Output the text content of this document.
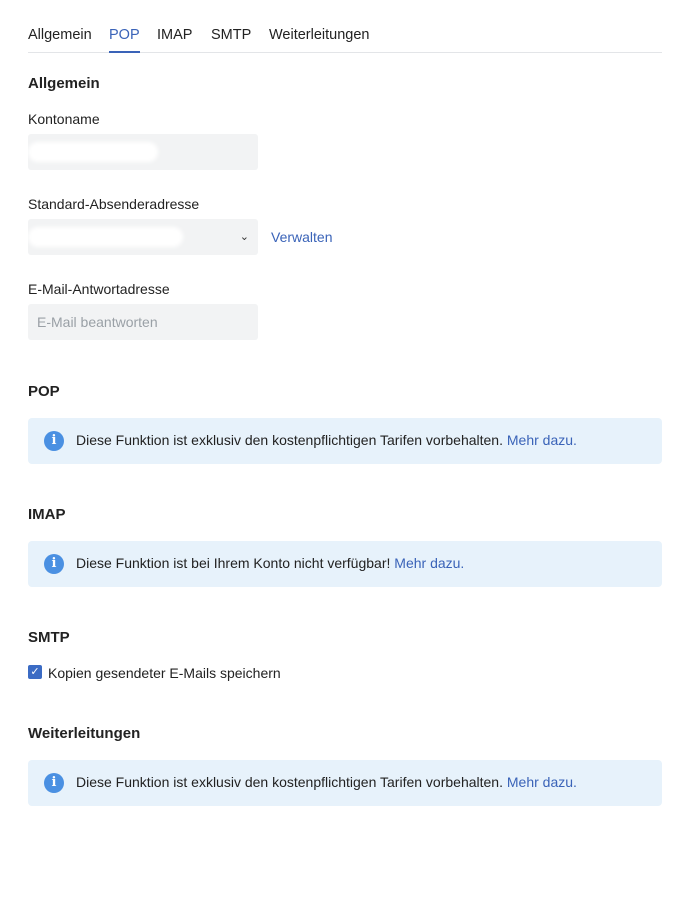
Allgemein POP IMAP SMTP Weiterleitungen
Allgemein
Kontoname
Standard-Absenderadresse
⌄ Verwalten
E-Mail-Antwortadresse
E-Mail beantworten
POP
i	Diese Funktion ist exklusiv den kostenpflichtigen Tarifen vorbehalten. Mehr dazu.
IMAP
i	Diese Funktion ist bei Ihrem Konto nicht verfügbar! Mehr dazu.
SMTP
✓ Kopien gesendeter E-Mails speichern
Weiterleitungen
i	Diese Funktion ist exklusiv den kostenpflichtigen Tarifen vorbehalten. Mehr dazu.
